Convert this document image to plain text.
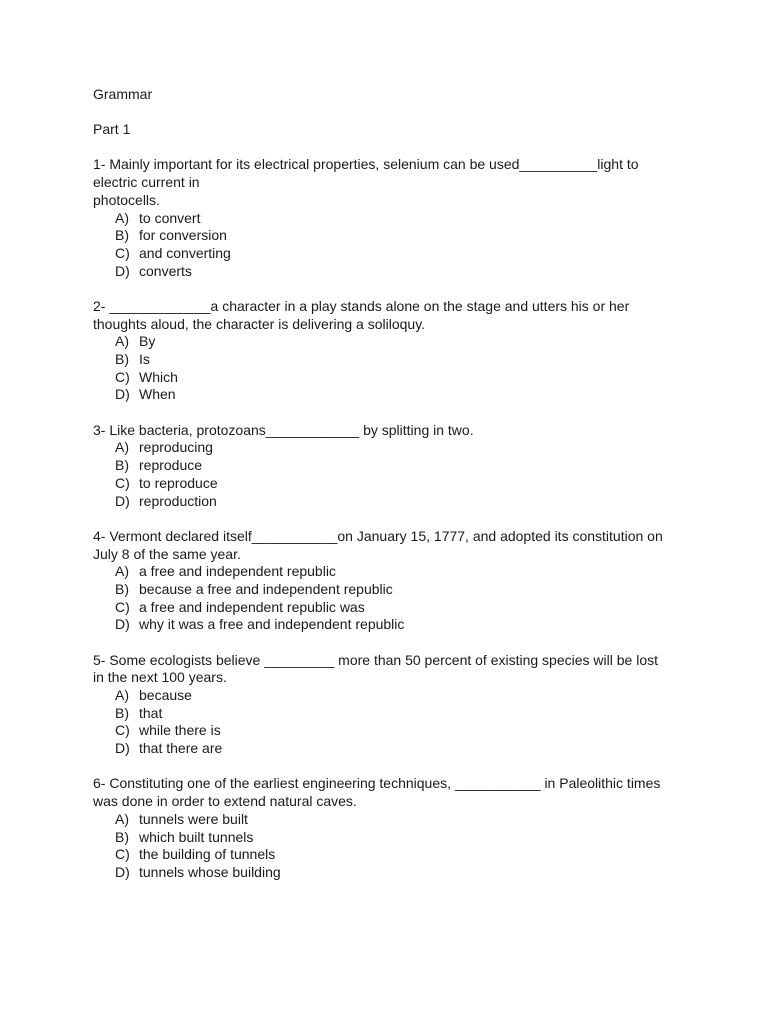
Grammar

Part 1

1- Mainly important for its electrical properties, selenium can be used__________light to

electric current in

photocells.

A) to convert
B) for conversion
C) and converting
D) converts

2- _____________a character in a play stands alone on the stage and utters his or her

thoughts aloud, the character is delivering a soliloquy.

A) By
B) Is
C) Which
D) When

3- Like bacteria, protozoans____________ by splitting in two.

A) reproducing
B) reproduce
C) to reproduce
D) reproduction

4- Vermont declared itself___________on January 15, 1777, and adopted its constitution on

July 8 of the same year.

A) a free and independent republic
B) because a free and independent republic
C) a free and independent republic was
D) why it was a free and independent republic

5- Some ecologists believe _________ more than 50 percent of existing species will be lost

in the next 100 years.

A) because
B) that
C) while there is
D) that there are

6- Constituting one of the earliest engineering techniques, ___________ in Paleolithic times

was done in order to extend natural caves.

A) tunnels were built
B) which built tunnels
C) the building of tunnels
D) tunnels whose building
